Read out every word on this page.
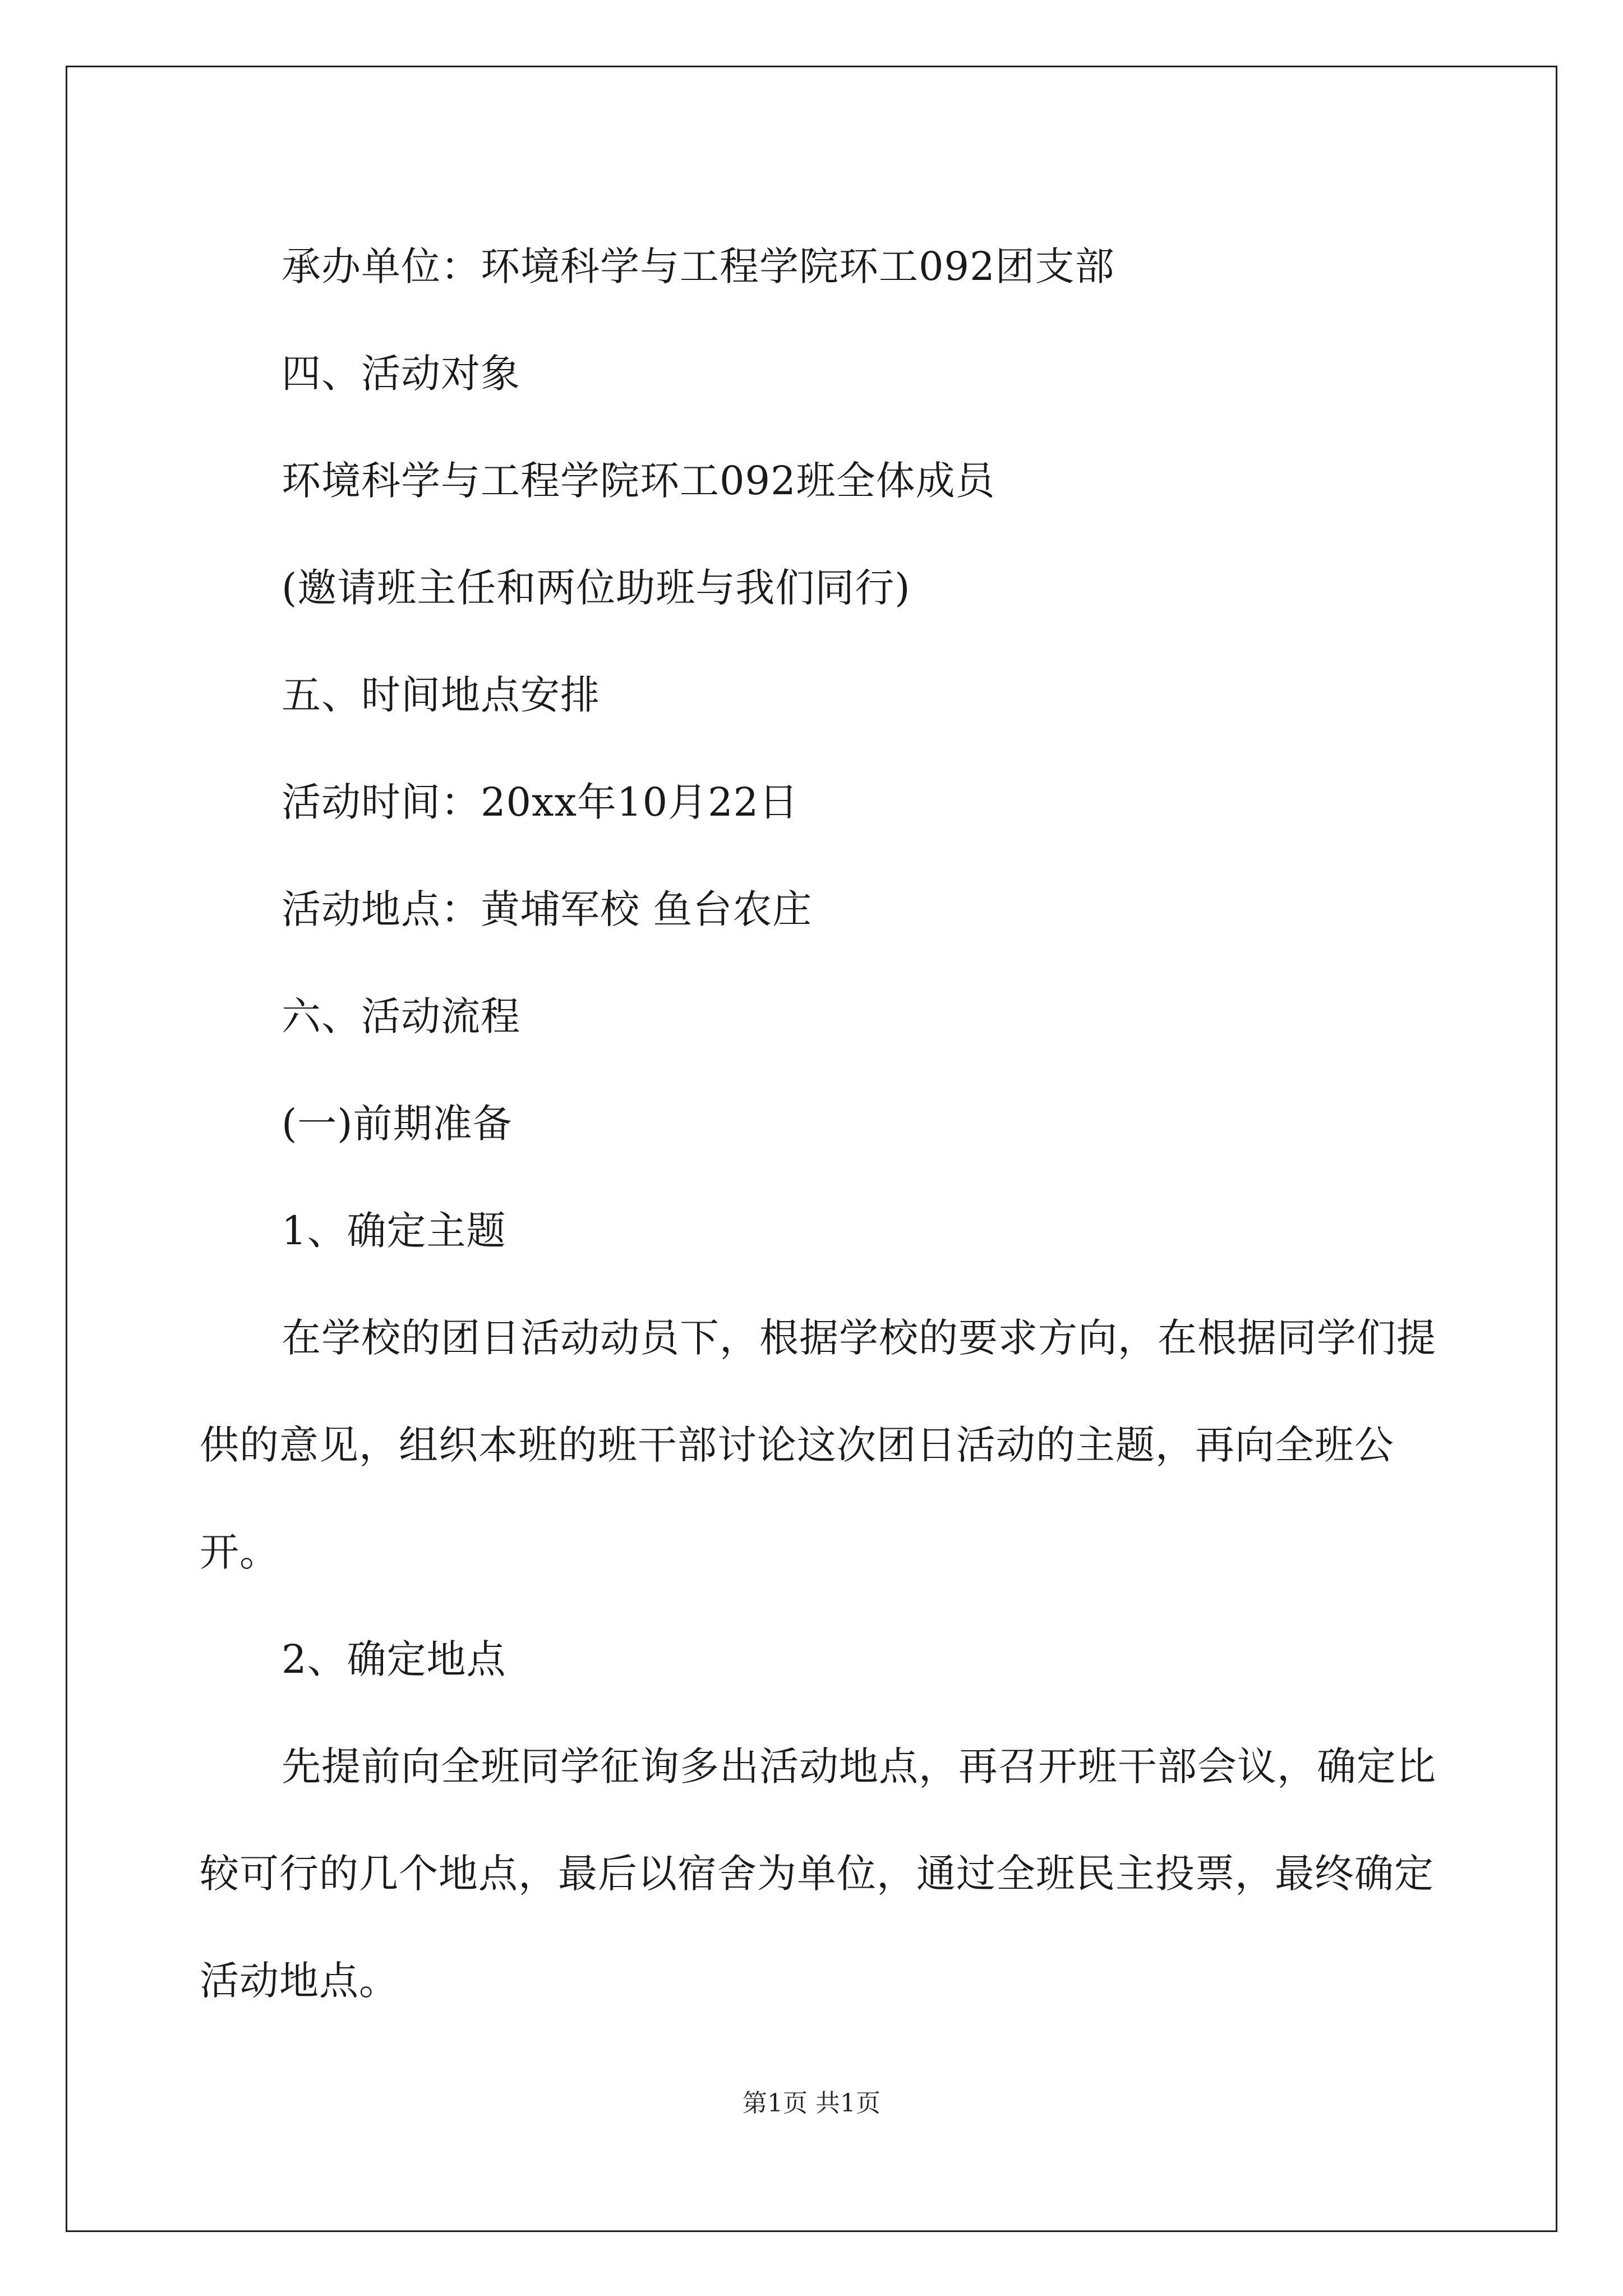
承办单位：环境科学与工程学院环工092团支部

四、活动对象

环境科学与工程学院环工092班全体成员

(邀请班主任和两位助班与我们同行)

五、时间地点安排

活动时间：20xx年10月22日

活动地点：黄埔军校 鱼台农庄

六、活动流程

(一)前期准备

1、确定主题

在学校的团日活动动员下，根据学校的要求方向，在根据同学们提供的意见，组织本班的班干部讨论这次团日活动的主题，再向全班公开。

2、确定地点

先提前向全班同学征询多出活动地点，再召开班干部会议，确定比较可行的几个地点，最后以宿舍为单位，通过全班民主投票，最终确定活动地点。

第1页 共1页
